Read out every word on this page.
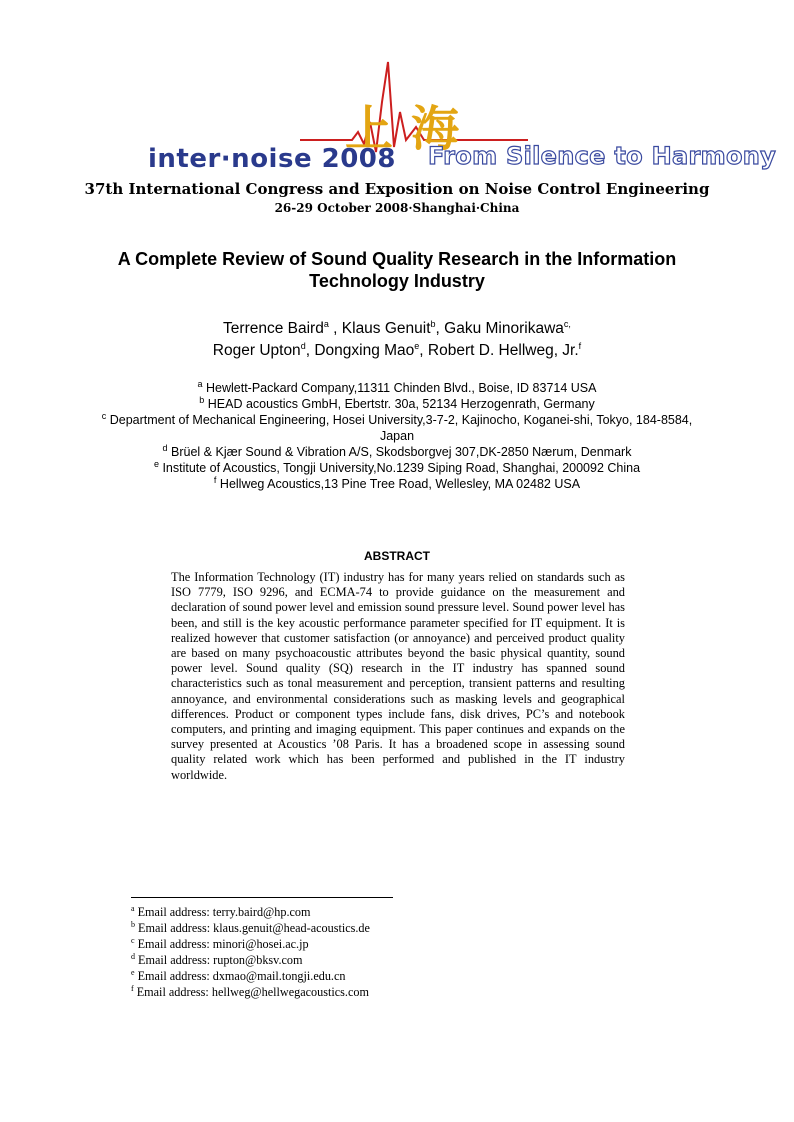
上海
inter·noise 2008 From Silence to Harmony
37th International Congress and Exposition on Noise Control Engineering
26-29 October 2008·Shanghai·China
A Complete Review of Sound Quality Research in the Information Technology Industry
Terrence Baird$^a$ , Klaus Genuit$^b$, Gaku Minorikawa$^{c,}$
Roger Upton$^d$, Dongxing Mao$^e$, Robert D. Hellweg, Jr.$^f$
$^a$ Hewlett-Packard Company,11311 Chinden Blvd., Boise, ID 83714 USA
$^b$ HEAD acoustics GmbH, Ebertstr. 30a, 52134 Herzogenrath, Germany
$^c$ Department of Mechanical Engineering, Hosei University,3-7-2, Kajinocho, Koganei-shi, Tokyo, 184-8584, Japan
$^d$ Brüel & Kjær Sound & Vibration A/S, Skodsborgvej 307,DK-2850 Nærum, Denmark
$^e$ Institute of Acoustics, Tongji University,No.1239 Siping Road, Shanghai, 200092 China
$^f$ Hellweg Acoustics,13 Pine Tree Road, Wellesley, MA 02482 USA
ABSTRACT
The Information Technology (IT) industry has for many years relied on standards such as ISO 7779, ISO 9296, and ECMA-74 to provide guidance on the measurement and declaration of sound power level and emission sound pressure level. Sound power level has been, and still is the key acoustic performance parameter specified for IT equipment. It is realized however that customer satisfaction (or annoyance) and perceived product quality are based on many psychoacoustic attributes beyond the basic physical quantity, sound power level. Sound quality (SQ) research in the IT industry has spanned sound characteristics such as tonal measurement and perception, transient patterns and resulting annoyance, and environmental considerations such as masking levels and geographical differences. Product or component types include fans, disk drives, PC’s and notebook computers, and printing and imaging equipment. This paper continues and expands on the survey presented at Acoustics ’08 Paris. It has a broadened scope in assessing sound quality related work which has been performed and published in the IT industry worldwide.
$^a$ Email address: terry.baird@hp.com
$^b$ Email address: klaus.genuit@head-acoustics.de
$^c$ Email address: minori@hosei.ac.jp
$^d$ Email address: rupton@bksv.com
$^e$ Email address: dxmao@mail.tongji.edu.cn
$^f$ Email address: hellweg@hellwegacoustics.com
